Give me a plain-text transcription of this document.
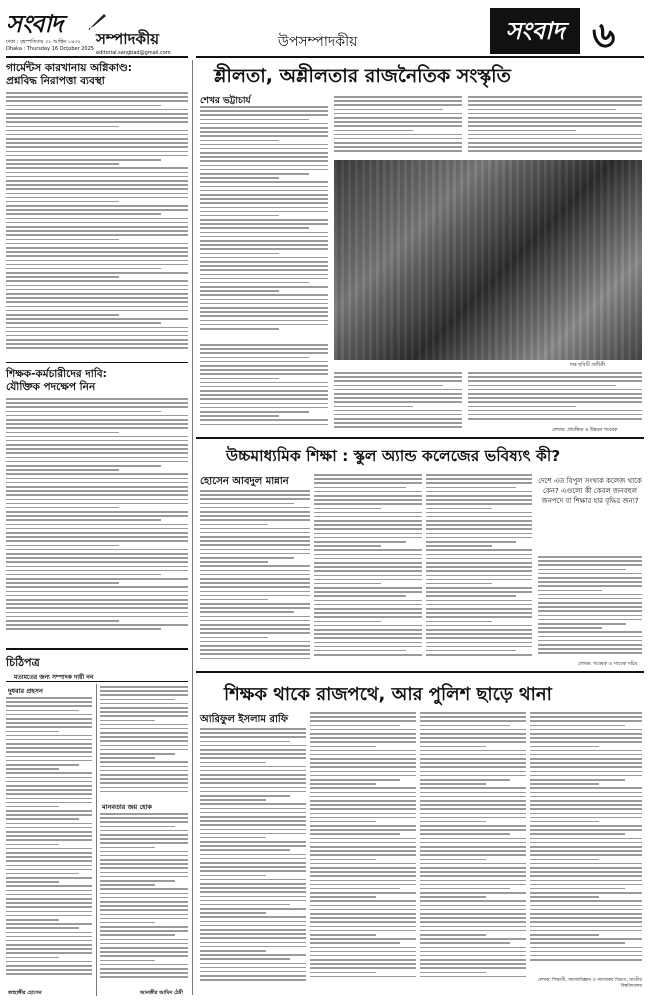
সংবাদ
সম্পাদকীয়
ঢাকা : বৃহস্পতিবার ৩১ আশ্বিন ১৪৩২
Dhaka : Thursday 16 October 2025
editorial.sangbad@gmail.com
উপসম্পাদকীয়	সংবাদ ৬
গার্মেন্টস কারখানায় অগ্নিকাণ্ড:
প্রশ্নবিদ্ধ নিরাপত্তা ব্যবস্থা
শিক্ষক-কর্মচারীদের দাবি:
যৌক্তিক পদক্ষেপ নিন
চিঠিপত্র
মতামতের জন্য সম্পাদক দায়ী নন
দুধবার প্রহসন
জাহাঙ্গীর হোসেন
মানবতার জয় হোক
আনজীর আমিন ঠেমী
শ্লীলতা, অশ্লীলতার রাজনৈতিক সংস্কৃতি
শেখর ভট্টাচার্য
দক্ষ ছবিটি প্রতীকী
লেখক: প্রাবন্ধিক ও উন্নয়ন গবেষক
উচ্চমাধ্যমিক শিক্ষা : স্কুল অ্যান্ড কলেজের ভবিষ্যৎ কী?
হোসেন আবদুল মান্নান	দেশে এত বিপুল সংখ্যক কলেজ থাকে কেন? এগুলো কী কেবল জনবহুল জনপদে বা শিক্ষার হার বৃদ্ধির জন্য?
লেখক: গবেষক ও সাবেক সচিব
শিক্ষক থাকে রাজপথে, আর পুলিশ ছাড়ে থানা
আরিফুল ইসলাম রাফি
লেখক: শিক্ষার্থী, সমাজবিজ্ঞান ও সমাজকর্ম বিভাগ, জাতীয় বিশ্ববিদ্যালয়
